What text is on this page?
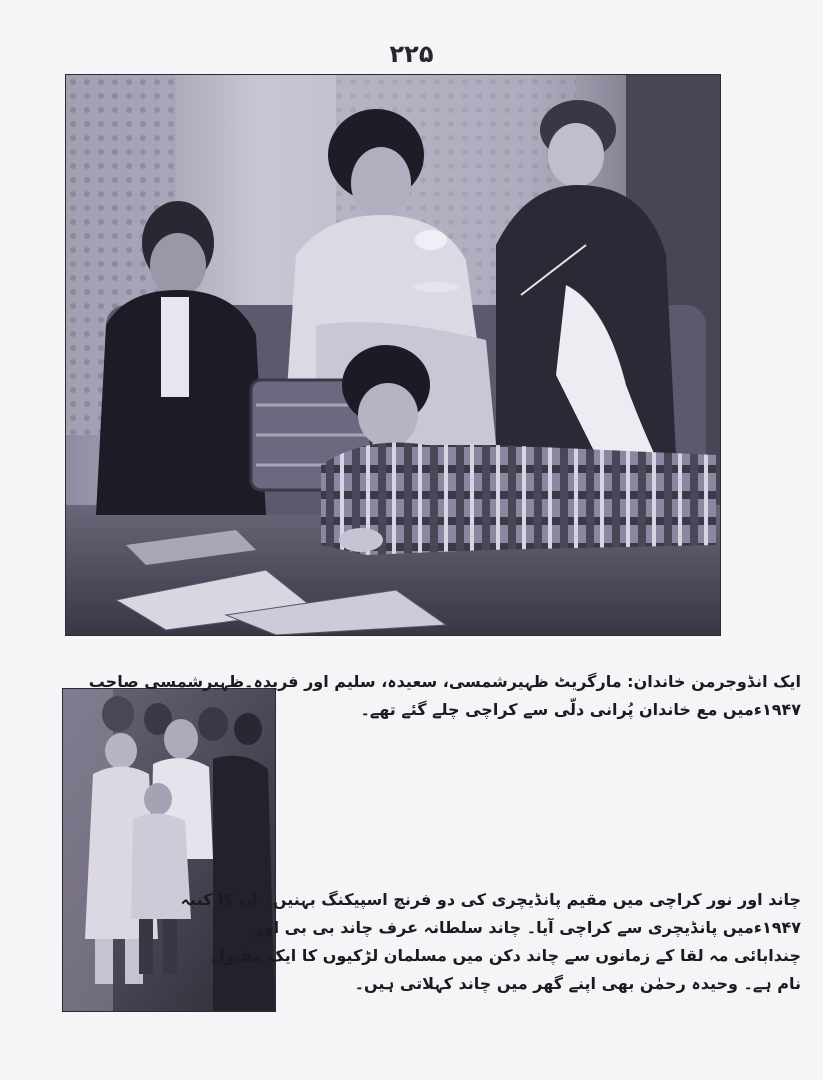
۲۲۵

ایک انڈوجرمن خاندان: مارگریٹ ظہیرشمسی، سعیدہ، سلیم اور فریدہ۔ظہیرشمسی صاحب

۱۹۴۷ءمیں مع خاندان پُرانی دلّی سے کراچی چلے گئے تھے۔

چاند اور نور کراچی میں مقیم پانڈیچری کی دو فرنچ اسپیکنگ بہنیں۔ ان کا کنبہ

۱۹۴۷ءمیں پانڈیچری سے کراچی آیا۔ چاند سلطانہ عرف چاند بی بی اور

چندابائی مہ لقا کے زمانوں سے چاند دکن میں مسلمان لڑکیوں کا ایک مقبول

نام ہے۔ وحیدہ رحمٰن بھی اپنے گھر میں چاند کہلاتی ہیں۔
